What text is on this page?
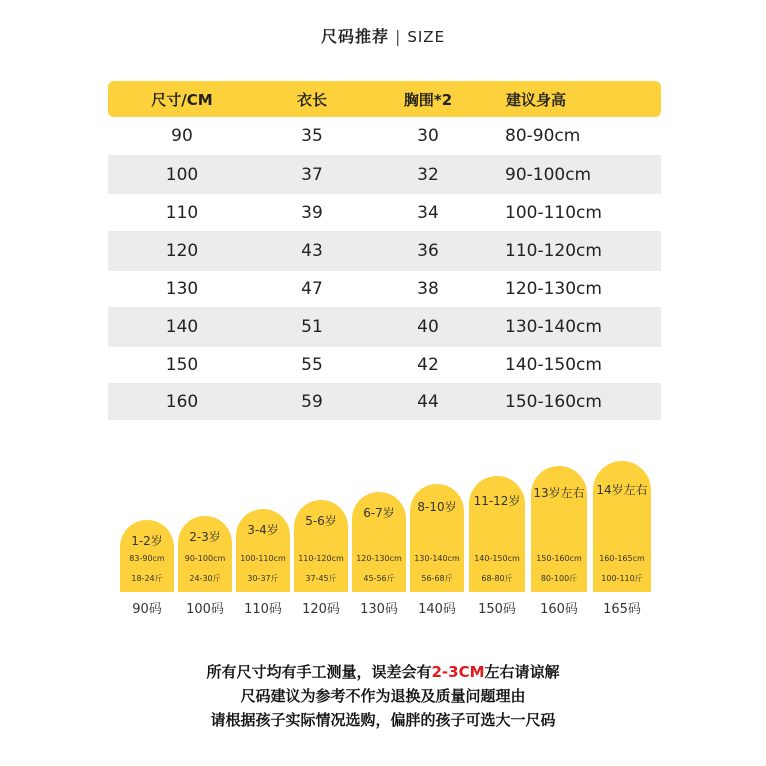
尺码推荐 | SIZE
尺寸/CM	衣长	胸围*2	建议身高
90	35	30	80-90cm
100	37	32	90-100cm
110	39	34	100-110cm
120	43	36	110-120cm
130	47	38	120-130cm
140	51	40	130-140cm
150	55	42	140-150cm
160	59	44	150-160cm
1-2岁
83-90cm
18-24斤
90码
2-3岁
90-100cm
24-30斤
100码
3-4岁
100-110cm
30-37斤
110码
5-6岁
110-120cm
37-45斤
120码
6-7岁
120-130cm
45-56斤
130码
8-10岁
130-140cm
56-68斤
140码
11-12岁
140-150cm
68-80斤
150码
13岁左右
150-160cm
80-100斤
160码
14岁左右
160-165cm
100-110斤
165码
所有尺寸均有手工测量，误差会有2-3CM左右请谅解
尺码建议为参考不作为退换及质量问题理由
请根据孩子实际情况选购，偏胖的孩子可选大一尺码
